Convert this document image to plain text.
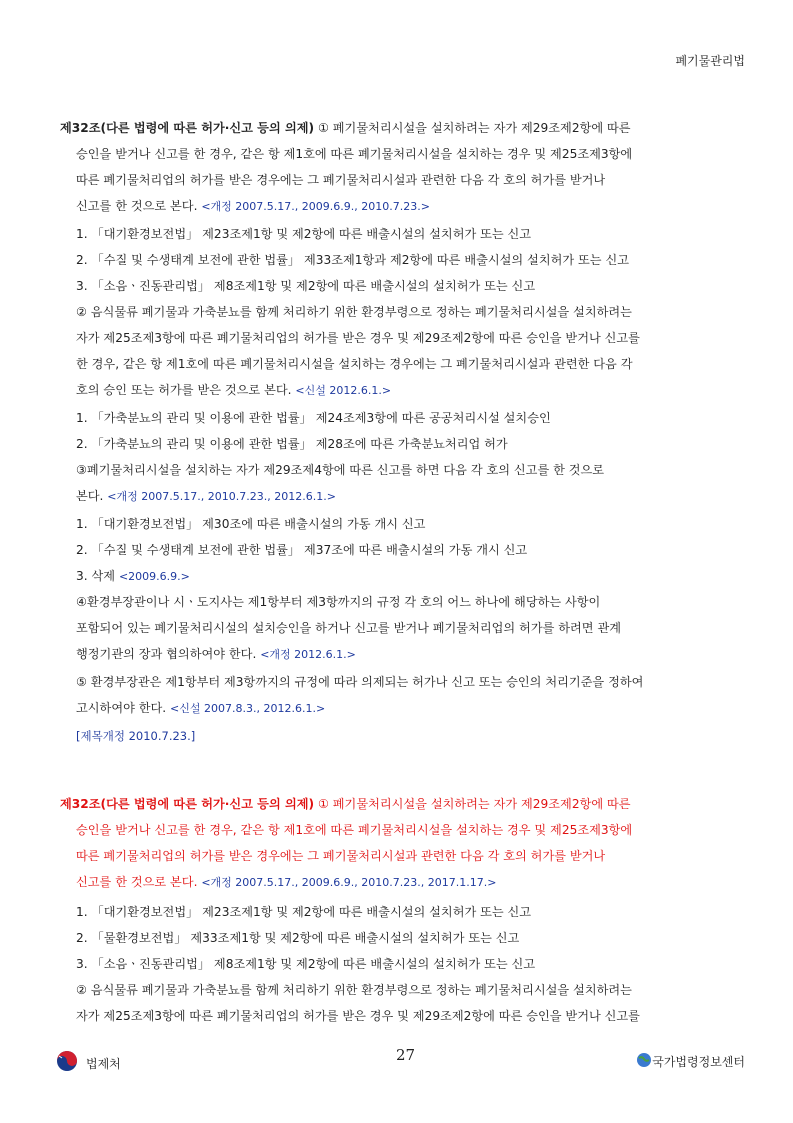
폐기물관리법
제32조(다른 법령에 따른 허가·신고 등의 의제) ① 폐기물처리시설을 설치하려는 자가 제29조제2항에 따른
승인을 받거나 신고를 한 경우, 같은 항 제1호에 따른 폐기물처리시설을 설치하는 경우 및 제25조제3항에
따른 폐기물처리업의 허가를 받은 경우에는 그 폐기물처리시설과 관련한 다음 각 호의 허가를 받거나
신고를 한 것으로 본다. <개정 2007.5.17., 2009.6.9., 2010.7.23.>
1. 「대기환경보전법」 제23조제1항 및 제2항에 따른 배출시설의 설치허가 또는 신고
2. 「수질 및 수생태계 보전에 관한 법률」 제33조제1항과 제2항에 따른 배출시설의 설치허가 또는 신고
3. 「소음ㆍ진동관리법」 제8조제1항 및 제2항에 따른 배출시설의 설치허가 또는 신고
② 음식물류 폐기물과 가축분뇨를 함께 처리하기 위한 환경부령으로 정하는 폐기물처리시설을 설치하려는
자가 제25조제3항에 따른 폐기물처리업의 허가를 받은 경우 및 제29조제2항에 따른 승인을 받거나 신고를
한 경우, 같은 항 제1호에 따른 폐기물처리시설을 설치하는 경우에는 그 폐기물처리시설과 관련한 다음 각
호의 승인 또는 허가를 받은 것으로 본다. <신설 2012.6.1.>
1. 「가축분뇨의 관리 및 이용에 관한 법률」 제24조제3항에 따른 공공처리시설 설치승인
2. 「가축분뇨의 관리 및 이용에 관한 법률」 제28조에 따른 가축분뇨처리업 허가
③폐기물처리시설을 설치하는 자가 제29조제4항에 따른 신고를 하면 다음 각 호의 신고를 한 것으로
본다. <개정 2007.5.17., 2010.7.23., 2012.6.1.>
1. 「대기환경보전법」 제30조에 따른 배출시설의 가동 개시 신고
2. 「수질 및 수생태계 보전에 관한 법률」 제37조에 따른 배출시설의 가동 개시 신고
3. 삭제 <2009.6.9.>
④환경부장관이나 시ㆍ도지사는 제1항부터 제3항까지의 규정 각 호의 어느 하나에 해당하는 사항이
포함되어 있는 폐기물처리시설의 설치승인을 하거나 신고를 받거나 폐기물처리업의 허가를 하려면 관계
행정기관의 장과 협의하여야 한다. <개정 2012.6.1.>
⑤ 환경부장관은 제1항부터 제3항까지의 규정에 따라 의제되는 허가나 신고 또는 승인의 처리기준을 정하여
고시하여야 한다. <신설 2007.8.3., 2012.6.1.>
[제목개정 2010.7.23.]
제32조(다른 법령에 따른 허가·신고 등의 의제) ① 폐기물처리시설을 설치하려는 자가 제29조제2항에 따른
승인을 받거나 신고를 한 경우, 같은 항 제1호에 따른 폐기물처리시설을 설치하는 경우 및 제25조제3항에
따른 폐기물처리업의 허가를 받은 경우에는 그 폐기물처리시설과 관련한 다음 각 호의 허가를 받거나
신고를 한 것으로 본다. <개정 2007.5.17., 2009.6.9., 2010.7.23., 2017.1.17.>
1. 「대기환경보전법」 제23조제1항 및 제2항에 따른 배출시설의 설치허가 또는 신고
2. 「물환경보전법」 제33조제1항 및 제2항에 따른 배출시설의 설치허가 또는 신고
3. 「소음ㆍ진동관리법」 제8조제1항 및 제2항에 따른 배출시설의 설치허가 또는 신고
② 음식물류 폐기물과 가축분뇨를 함께 처리하기 위한 환경부령으로 정하는 폐기물처리시설을 설치하려는
자가 제25조제3항에 따른 폐기물처리업의 허가를 받은 경우 및 제29조제2항에 따른 승인을 받거나 신고를
법제처	27	국가법령정보센터
